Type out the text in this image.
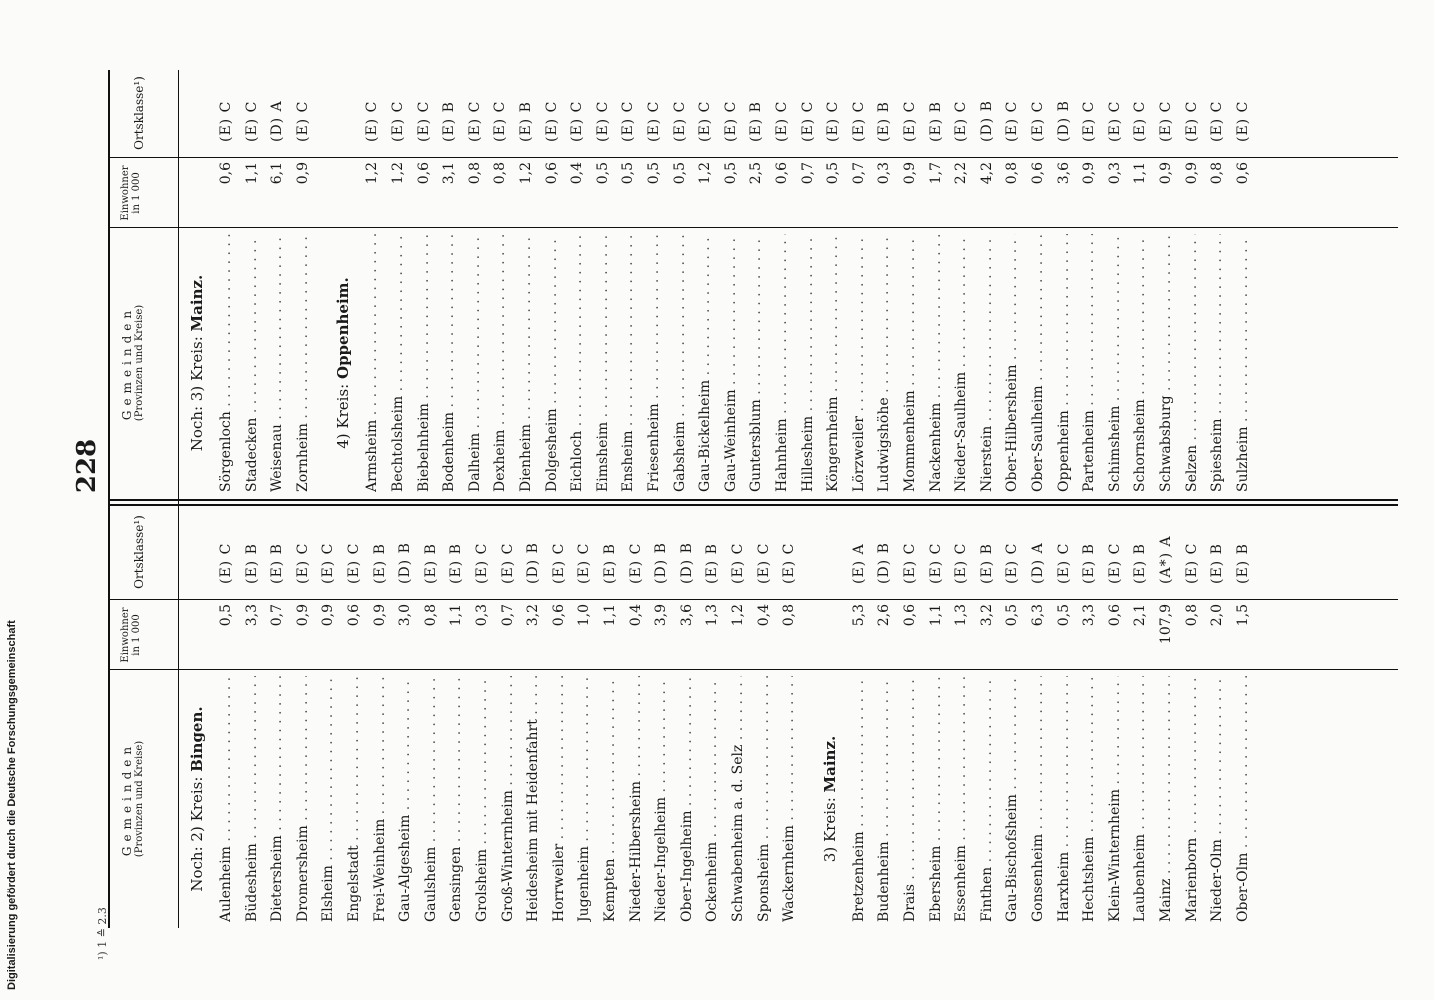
228
Gemeinden (Provinzen und Kreise)
Einwohner in 1 000
Ortsklasse¹)
Gemeinden (Provinzen und Kreise)
Einwohner in 1 000
Ortsklasse¹)
Noch: 2) Kreis: Bingen.
Aulenheim . . .
0,5
(E) C
Büdesheim . . .
3,3
(E) B
Dietersheim . . .
0,7
(E) B
Dromersheim . . .
0,9
(E) C
Elsheim . . .
0,9
(E) C
Engelstadt . . .
0,6
(E) C
Frei-Weinheim . . .
0,9
(E) B
Gau-Algesheim . . .
3,0
(D) B
Gaulsheim . . .
0,8
(E) B
Gensingen . . .
1,1
(E) B
Grolsheim . . .
0,3
(E) C
Groß-Winternheim . . .
0,7
(E) C
Heidesheim mit Heidenfahrt . . .
3,2
(D) B
Horrweiler . . .
0,6
(E) C
Jugenheim . . .
1,0
(E) C
Kempten . . .
1,1
(E) B
Nieder-Hilbersheim . . .
0,4
(E) C
Nieder-Ingelheim . . .
3,9
(D) B
Ober-Ingelheim . . .
3,6
(D) B
Ockenheim . . .
1,3
(E) B
Schwabenheim a. d. Selz . . .
1,2
(E) C
Sponsheim . . .
0,4
(E) C
Wackernheim . . .
0,8
(E) C
3) Kreis: Mainz.
Bretzenheim . . .
5,3
(E) A
Budenheim . . .
2,6
(D) B
Drais . . .
0,6
(E) C
Ebersheim . . .
1,1
(E) C
Essenheim . . .
1,3
(E) C
Finthen . . .
3,2
(E) B
Gau-Bischofsheim . . .
0,5
(E) C
Gonsenheim . . .
6,3
(D) A
Harxheim . . .
0,5
(E) C
Hechtsheim . . .
3,3
(E) B
Klein-Winternheim . . .
0,6
(E) C
Laubenheim . . .
2,1
(E) B
Mainz . . .
107,9
(A*) A
Marienborn . . .
0,8
(E) C
Nieder-Olm . . .
2,0
(E) B
Ober-Olm . . .
1,5
(E) B
Noch: 3) Kreis: Mainz.
Sörgenloch . . .
0,6
(E) C
Stadecken . . .
1,1
(E) C
Weisenau . . .
6,1
(D) A
Zornheim . . .
0,9
(E) C
4) Kreis: Oppenheim.
Armsheim . . .
1,2
(E) C
Bechtolsheim . . .
1,2
(E) C
Biebelnheim . . .
0,6
(E) C
Bodenheim . . .
3,1
(E) B
Dalheim . . .
0,8
(E) C
Dexheim . . .
0,8
(E) C
Dienheim . . .
1,2
(E) B
Dolgesheim . . .
0,6
(E) C
Eichloch . . .
0,4
(E) C
Eimsheim . . .
0,5
(E) C
Ensheim . . .
0,5
(E) C
Friesenheim . . .
0,5
(E) C
Gabsheim . . .
0,5
(E) C
Gau-Bickelheim . . .
1,2
(E) C
Gau-Weinheim . . .
0,5
(E) C
Guntersblum . . .
2,5
(E) B
Hahnheim . . .
0,6
(E) C
Hillesheim . . .
0,7
(E) C
Köngernheim . . .
0,5
(E) C
Lörzweiler . . .
0,7
(E) C
Ludwigshöhe . . .
0,3
(E) B
Mommenheim . . .
0,9
(E) C
Nackenheim . . .
1,7
(E) B
Nieder-Saulheim . . .
2,2
(E) C
Nierstein . . .
4,2
(D) B
Ober-Hilbersheim . . .
0,8
(E) C
Ober-Saulheim . . .
0,6
(E) C
Oppenheim . . .
3,6
(D) B
Partenheim . . .
0,9
(E) C
Schimsheim . . .
0,3
(E) C
Schornsheim . . .
1,1
(E) C
Schwabsburg . . .
0,9
(E) C
Selzen . . .
0,9
(E) C
Spiesheim . . .
0,8
(E) C
Sulzheim . . .
0,6
(E) C
¹) 1 ≙ 2.3
Digitalisierung gefördert durch die Deutsche Forschungsgemeinschaft
